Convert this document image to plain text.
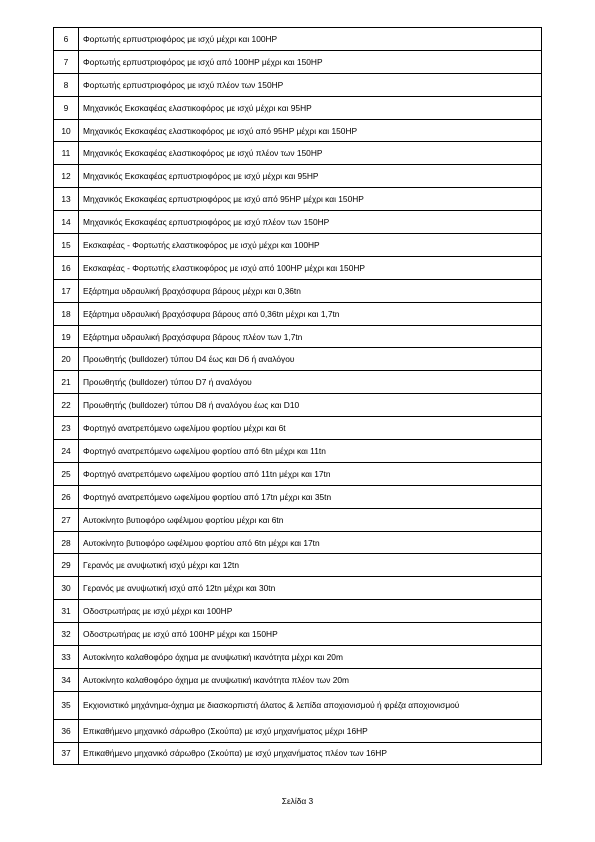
6	Φορτωτής ερπυστριοφόρος με ισχύ μέχρι και 100HP
7	Φορτωτής ερπυστριοφόρος με ισχύ από 100HP μέχρι και 150HP
8	Φορτωτής ερπυστριοφόρος με ισχύ πλέον των 150HP
9	Μηχανικός Εκσκαφέας ελαστικοφόρος με ισχύ μέχρι και 95HP
10	Μηχανικός Εκσκαφέας ελαστικοφόρος με ισχύ από 95HP μέχρι και 150HP
11	Μηχανικός Εκσκαφέας ελαστικοφόρος με ισχύ πλέον των 150HP
12	Μηχανικός Εκσκαφέας ερπυστριοφόρος με ισχύ μέχρι και 95HP
13	Μηχανικός Εκσκαφέας ερπυστριοφόρος με ισχύ από 95HP μέχρι και 150HP
14	Μηχανικός Εκσκαφέας ερπυστριοφόρος με ισχύ πλέον των 150HP
15	Εκσκαφέας - Φορτωτής ελαστικοφόρος με ισχύ μέχρι και 100HP
16	Εκσκαφέας - Φορτωτής ελαστικοφόρος με ισχύ από 100HP μέχρι και 150HP
17	Εξάρτημα υδραυλική βραχόσφυρα βάρους μέχρι και 0,36tn
18	Εξάρτημα υδραυλική βραχόσφυρα βάρους από 0,36tn μέχρι και 1,7tn
19	Εξάρτημα υδραυλική βραχόσφυρα βάρους πλέον των 1,7tn
20	Προωθητής (bulldozer) τύπου D4 έως και D6 ή αναλόγου
21	Προωθητής (bulldozer) τύπου D7 ή αναλόγου
22	Προωθητής (bulldozer) τύπου D8 ή αναλόγου έως και D10
23	Φορτηγό ανατρεπόμενο ωφελίμου φορτίου μέχρι και 6t
24	Φορτηγό ανατρεπόμενο ωφελίμου φορτίου από 6tn μέχρι και 11tn
25	Φορτηγό ανατρεπόμενο ωφελίμου φορτίου από 11tn μέχρι και 17tn
26	Φορτηγό ανατρεπόμενο ωφελίμου φορτίου από 17tn μέχρι και 35tn
27	Αυτοκίνητο βυτιοφόρο ωφέλιμου φορτίου μέχρι και 6tn
28	Αυτοκίνητο βυτιοφόρο ωφέλιμου φορτίου από 6tn μέχρι και 17tn
29	Γερανός με ανυψωτική ισχύ μέχρι και 12tn
30	Γερανός με ανυψωτική ισχύ από 12tn μέχρι και 30tn
31	Οδοστρωτήρας με ισχύ μέχρι και 100HP
32	Οδοστρωτήρας με ισχύ από 100HP μέχρι και 150HP
33	Αυτοκίνητο καλαθοφόρο όχημα με ανυψωτική ικανότητα μέχρι και 20m
34	Αυτοκίνητο καλαθοφόρο όχημα με ανυψωτική ικανότητα πλέον των 20m
35	Εκχιονιστικό μηχάνημα-όχημα με διασκορπιστή άλατος & λεπίδα αποχιονισμού ή φρέζα αποχιονισμού
36	Επικαθήμενο μηχανικό σάρωθρο (Σκούπα) με ισχύ μηχανήματος μέχρι 16HP
37	Επικαθήμενο μηχανικό σάρωθρο (Σκούπα) με ισχύ μηχανήματος πλέον των 16HP
Σελίδα 3
